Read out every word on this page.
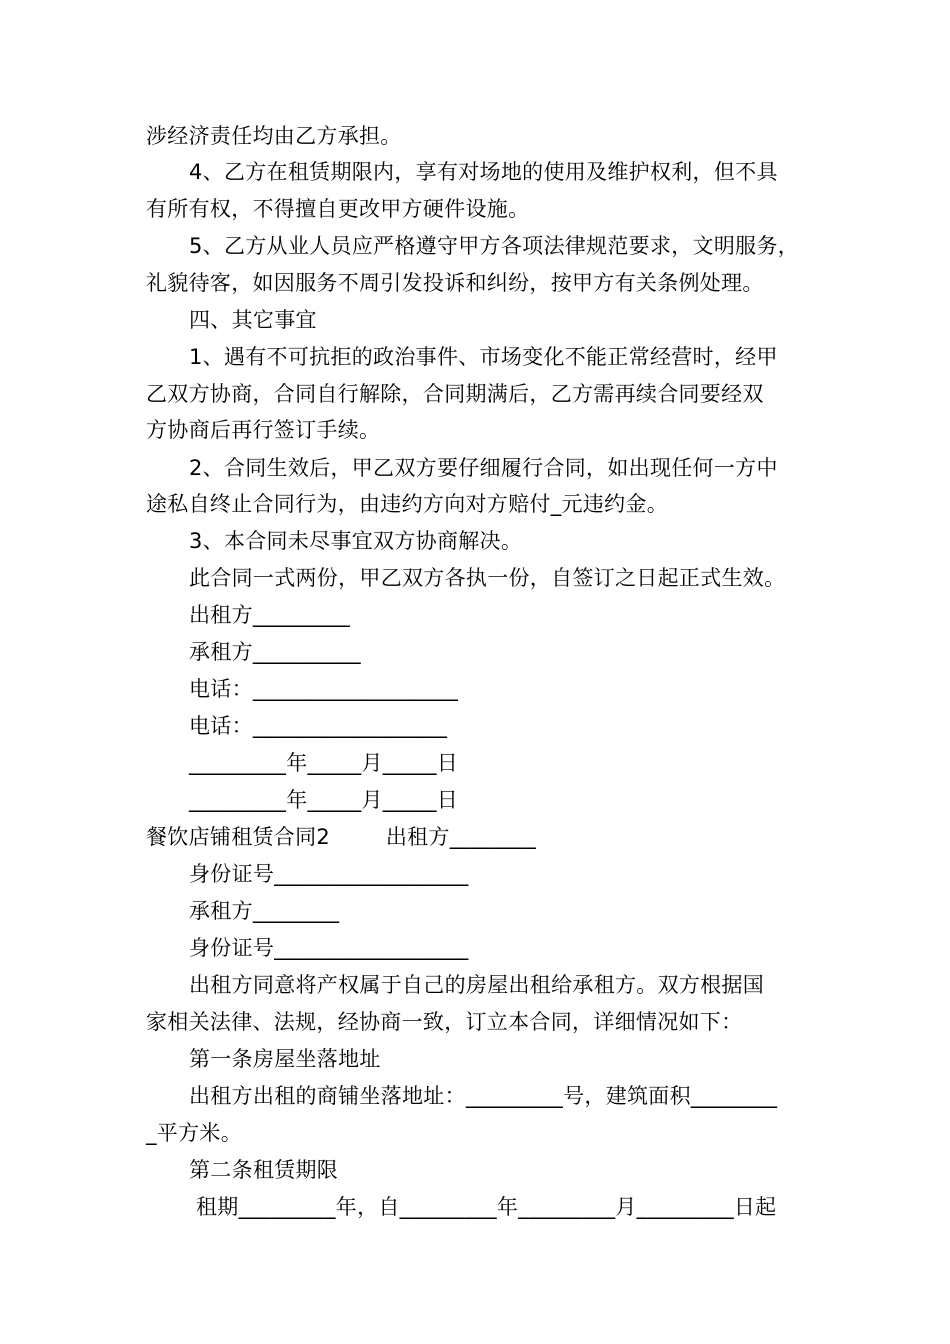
涉经济责任均由乙方承担。

4、乙方在租赁期限内，享有对场地的使用及维护权利，但不具

有所有权，不得擅自更改甲方硬件设施。

5、乙方从业人员应严格遵守甲方各项法律规范要求，文明服务，

礼貌待客，如因服务不周引发投诉和纠纷，按甲方有关条例处理。

四、其它事宜

1、遇有不可抗拒的政治事件、市场变化不能正常经营时，经甲

乙双方协商，合同自行解除，合同期满后，乙方需再续合同要经双

方协商后再行签订手续。

2、合同生效后，甲乙双方要仔细履行合同，如出现任何一方中

途私自终止合同行为，由违约方向对方赔付_元违约金。

3、本合同未尽事宜双方协商解决。

此合同一式两份，甲乙双方各执一份，自签订之日起正式生效。

出租方_________

承租方__________

电话：___________________

电话：__________________

_________年_____月_____日

_________年_____月_____日

餐饮店铺租赁合同2        出租方________

身份证号__________________

承租方________

身份证号__________________

出租方同意将产权属于自己的房屋出租给承租方。双方根据国

家相关法律、法规，经协商一致，订立本合同，详细情况如下：

第一条房屋坐落地址

出租方出租的商铺坐落地址：_________号，建筑面积________

_平方米。

第二条租赁期限

租期_________年，自_________年_________月_________日起
